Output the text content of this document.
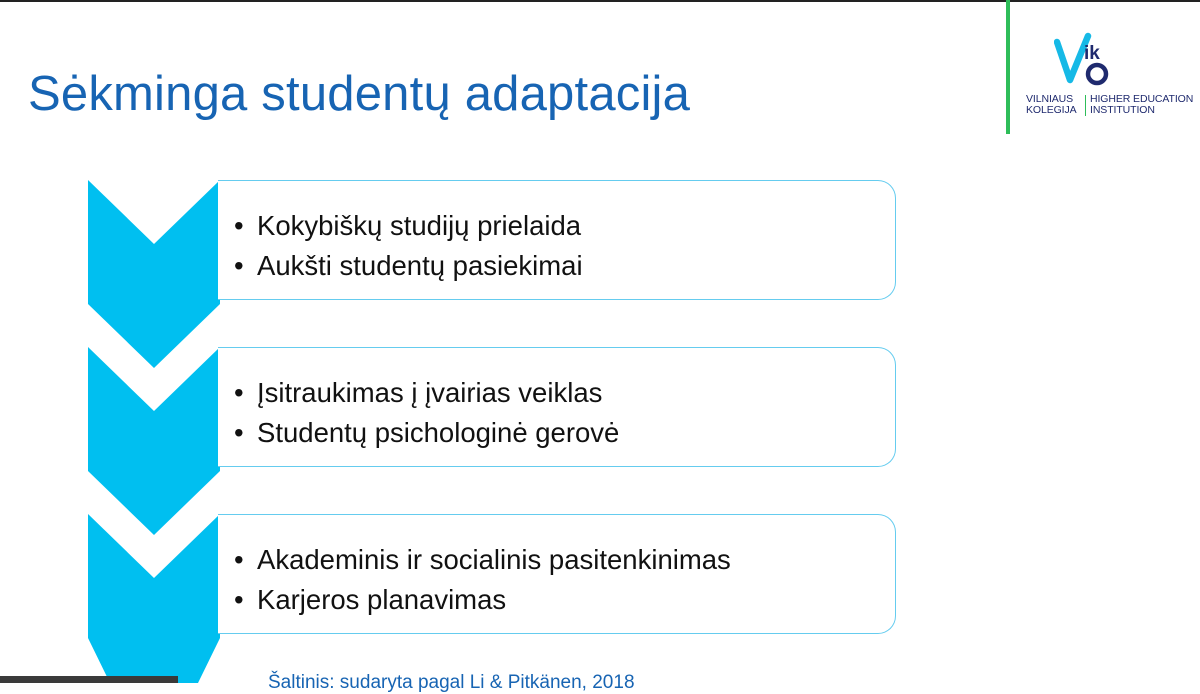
Sėkminga studentų adaptacija
ik
VILNIAUS
KOLEGIJA
HIGHER EDUCATION
INSTITUTION
• Kokybiškų studijų prielaida
• Aukšti studentų pasiekimai
• Įsitraukimas į įvairias veiklas
• Studentų psichologinė gerovė
• Akademinis ir socialinis pasitenkinimas
• Karjeros planavimas
Šaltinis: sudaryta pagal Li & Pitkänen, 2018
